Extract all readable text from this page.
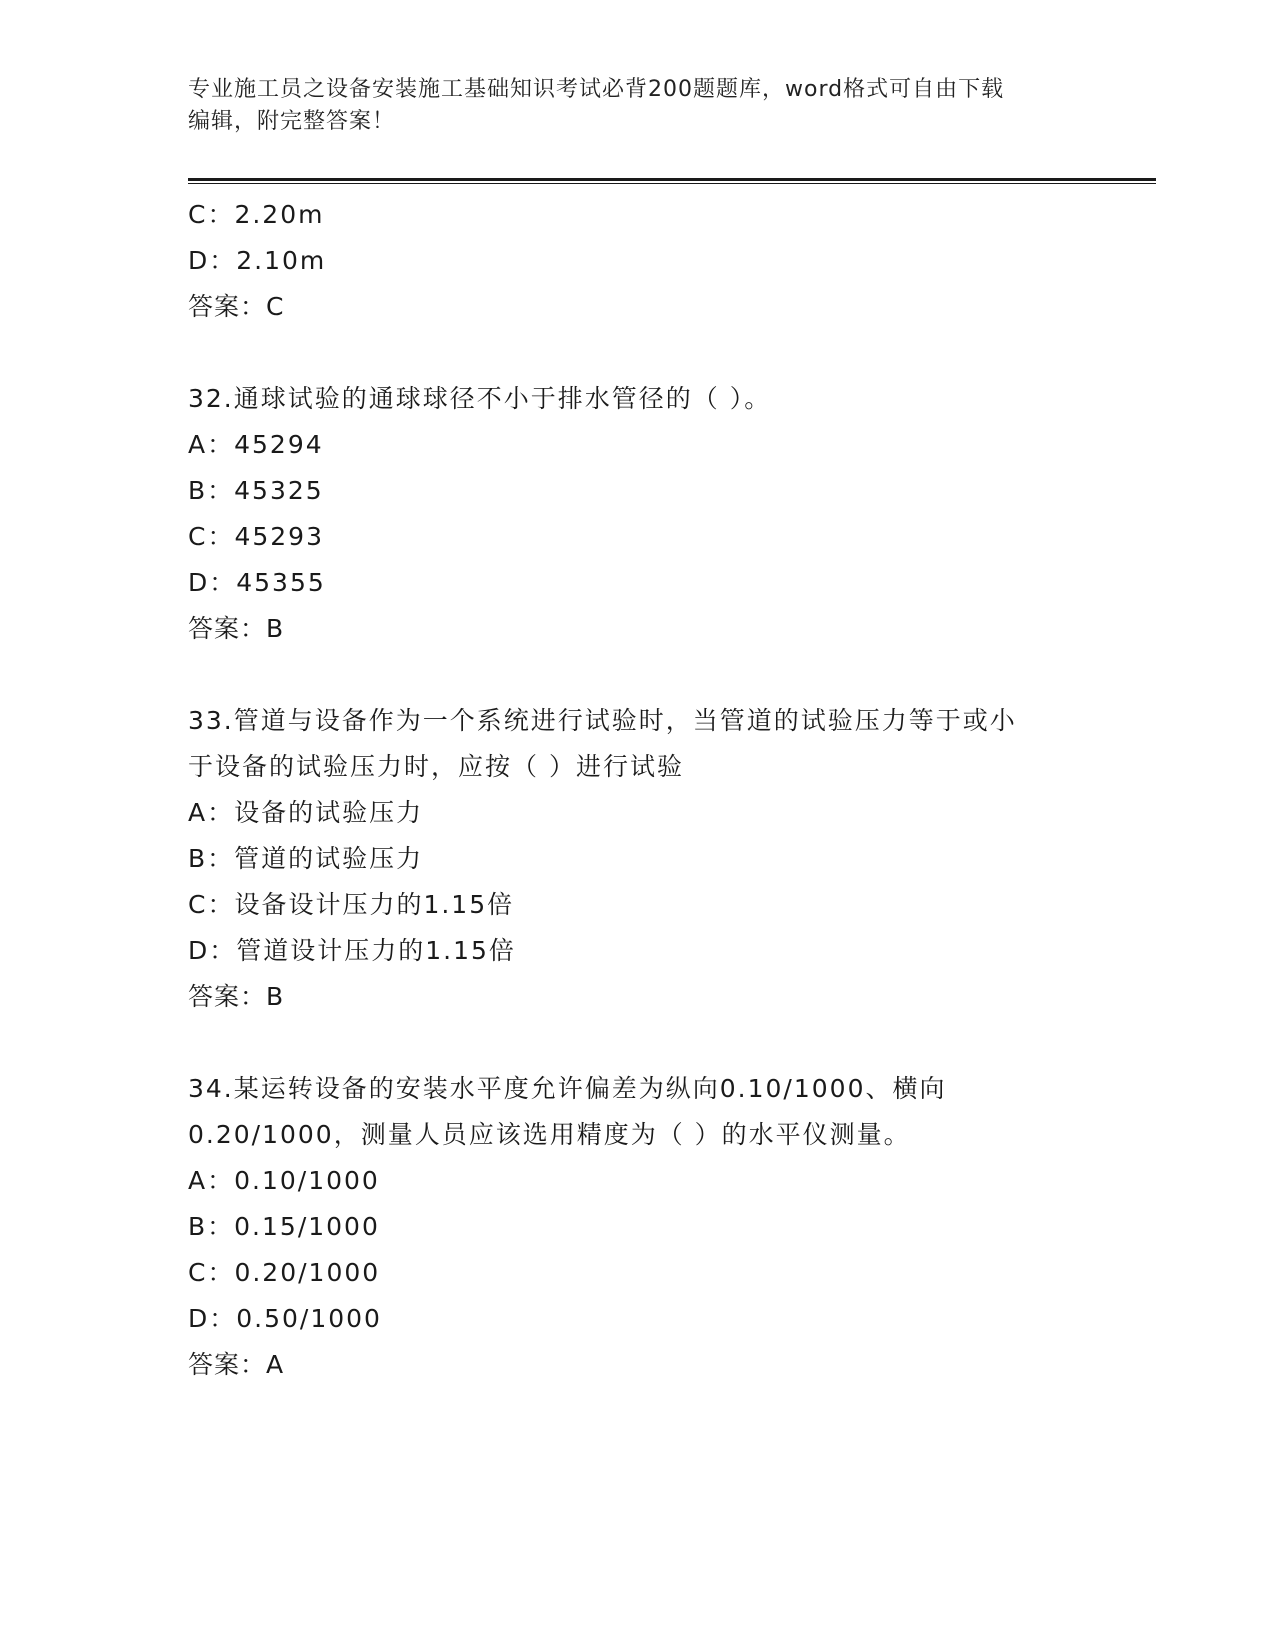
专业施工员之设备安装施工基础知识考试必背200题题库，word格式可自由下载
编辑，附完整答案！
C：2.20m
D：2.10m
答案：C
32.通球试验的通球球径不小于排水管径的（ ）。
A：45294
B：45325
C：45293
D：45355
答案：B
33.管道与设备作为一个系统进行试验时，当管道的试验压力等于或小
于设备的试验压力时，应按（ ）进行试验
A：设备的试验压力
B：管道的试验压力
C：设备设计压力的1.15倍
D：管道设计压力的1.15倍
答案：B
34.某运转设备的安装水平度允许偏差为纵向0.10/1000、横向
0.20/1000，测量人员应该选用精度为（ ）的水平仪测量。
A：0.10/1000
B：0.15/1000
C：0.20/1000
D：0.50/1000
答案：A
